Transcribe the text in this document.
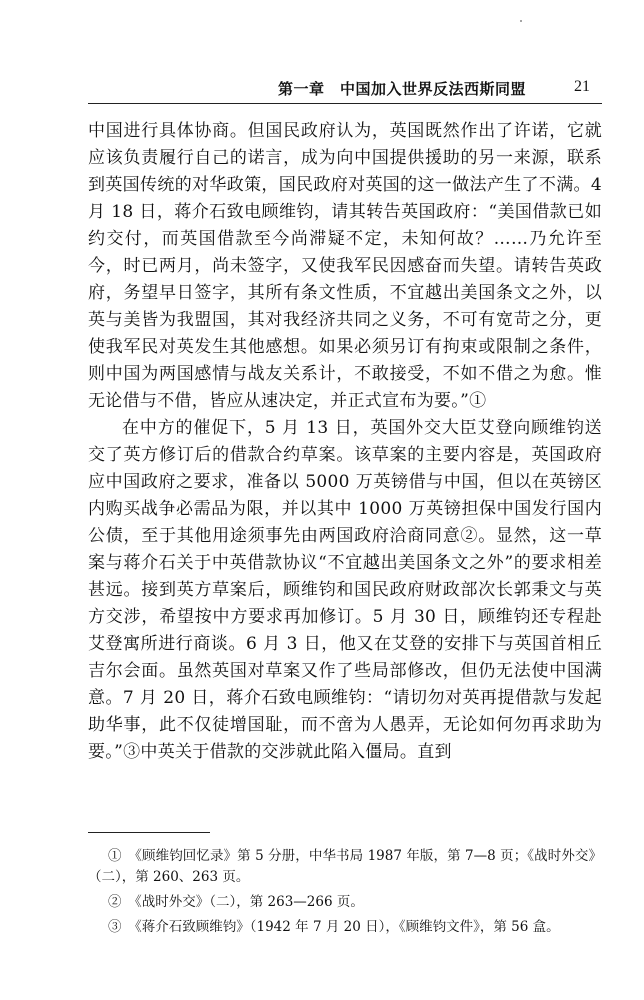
第一章　中国加入世界反法西斯同盟	21

中国进行具体协商。但国民政府认为，英国既然作出了许诺，它就应该负责履行自己的诺言，成为向中国提供援助的另一来源，联系到英国传统的对华政策，国民政府对英国的这一做法产生了不满。4 月 18 日，蒋介石致电顾维钧，请其转告英国政府：“美国借款已如约交付，而英国借款至今尚滞疑不定，未知何故？……乃允许至今，时已两月，尚未签字，又使我军民因感奋而失望。请转告英政府，务望早日签字，其所有条文性质，不宜越出美国条文之外，以英与美皆为我盟国，其对我经济共同之义务，不可有宽苛之分，更使我军民对英发生其他感想。如果必须另订有拘束或限制之条件，则中国为两国感情与战友关系计，不敢接受，不如不借之为愈。惟无论借与不借，皆应从速决定，并正式宣布为要。”①

在中方的催促下，5 月 13 日，英国外交大臣艾登向顾维钧送交了英方修订后的借款合约草案。该草案的主要内容是，英国政府应中国政府之要求，准备以 5000 万英镑借与中国，但以在英镑区内购买战争必需品为限，并以其中 1000 万英镑担保中国发行国内公债，至于其他用途须事先由两国政府洽商同意②。显然，这一草案与蒋介石关于中英借款协议“不宜越出美国条文之外”的要求相差甚远。接到英方草案后，顾维钧和国民政府财政部次长郭秉文与英方交涉，希望按中方要求再加修订。5 月 30 日，顾维钧还专程赴艾登寓所进行商谈。6 月 3 日，他又在艾登的安排下与英国首相丘吉尔会面。虽然英国对草案又作了些局部修改，但仍无法使中国满意。7 月 20 日，蒋介石致电顾维钧：“请切勿对英再提借款与发起助华事，此不仅徒增国耻，而不啻为人愚弄，无论如何勿再求助为要。”③中英关于借款的交涉就此陷入僵局。直到

①　《顾维钧回忆录》第 5 分册，中华书局 1987 年版，第 7—8 页；《战时外交》（二），第 260、263 页。

②　《战时外交》（二），第 263—266 页。

③　《蒋介石致顾维钧》（1942 年 7 月 20 日），《顾维钧文件》，第 56 盒。
